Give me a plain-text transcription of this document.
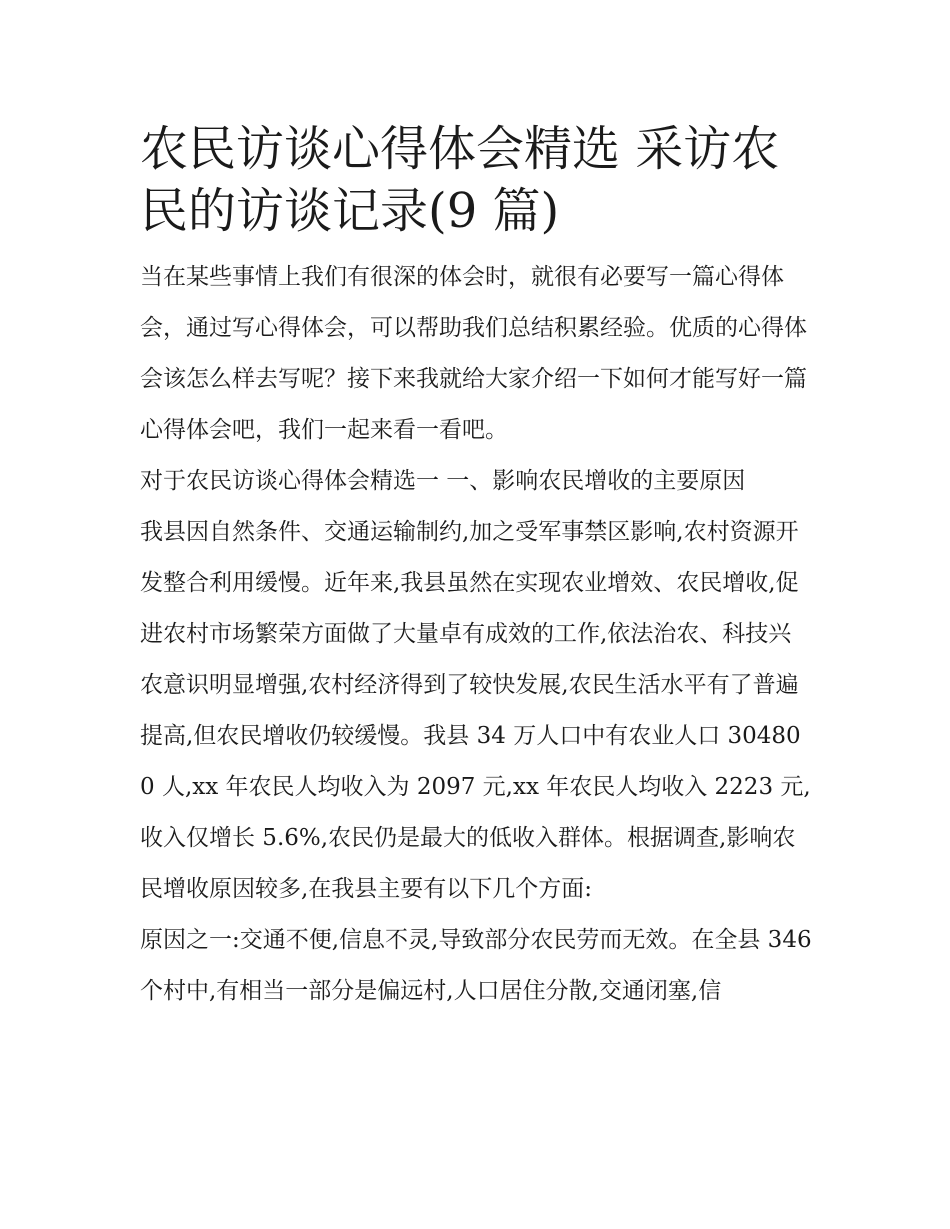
农民访谈心得体会精选 采访农民的访谈记录(9 篇)

当在某些事情上我们有很深的体会时，就很有必要写一篇心得体会，通过写心得体会，可以帮助我们总结积累经验。优质的心得体会该怎么样去写呢？接下来我就给大家介绍一下如何才能写好一篇心得体会吧，我们一起来看一看吧。

对于农民访谈心得体会精选一 一、影响农民增收的主要原因

我县因自然条件、交通运输制约,加之受军事禁区影响,农村资源开发整合利用缓慢。近年来,我县虽然在实现农业增效、农民增收,促进农村市场繁荣方面做了大量卓有成效的工作,依法治农、科技兴农意识明显增强,农村经济得到了较快发展,农民生活水平有了普遍提高,但农民增收仍较缓慢。我县 34 万人口中有农业人口 304800 人,xx 年农民人均收入为 2097 元,xx 年农民人均收入 2223 元,收入仅增长 5.6%,农民仍是最大的低收入群体。根据调查,影响农民增收原因较多,在我县主要有以下几个方面:

原因之一:交通不便,信息不灵,导致部分农民劳而无效。在全县 346 个村中,有相当一部分是偏远村,人口居住分散,交通闭塞,信
